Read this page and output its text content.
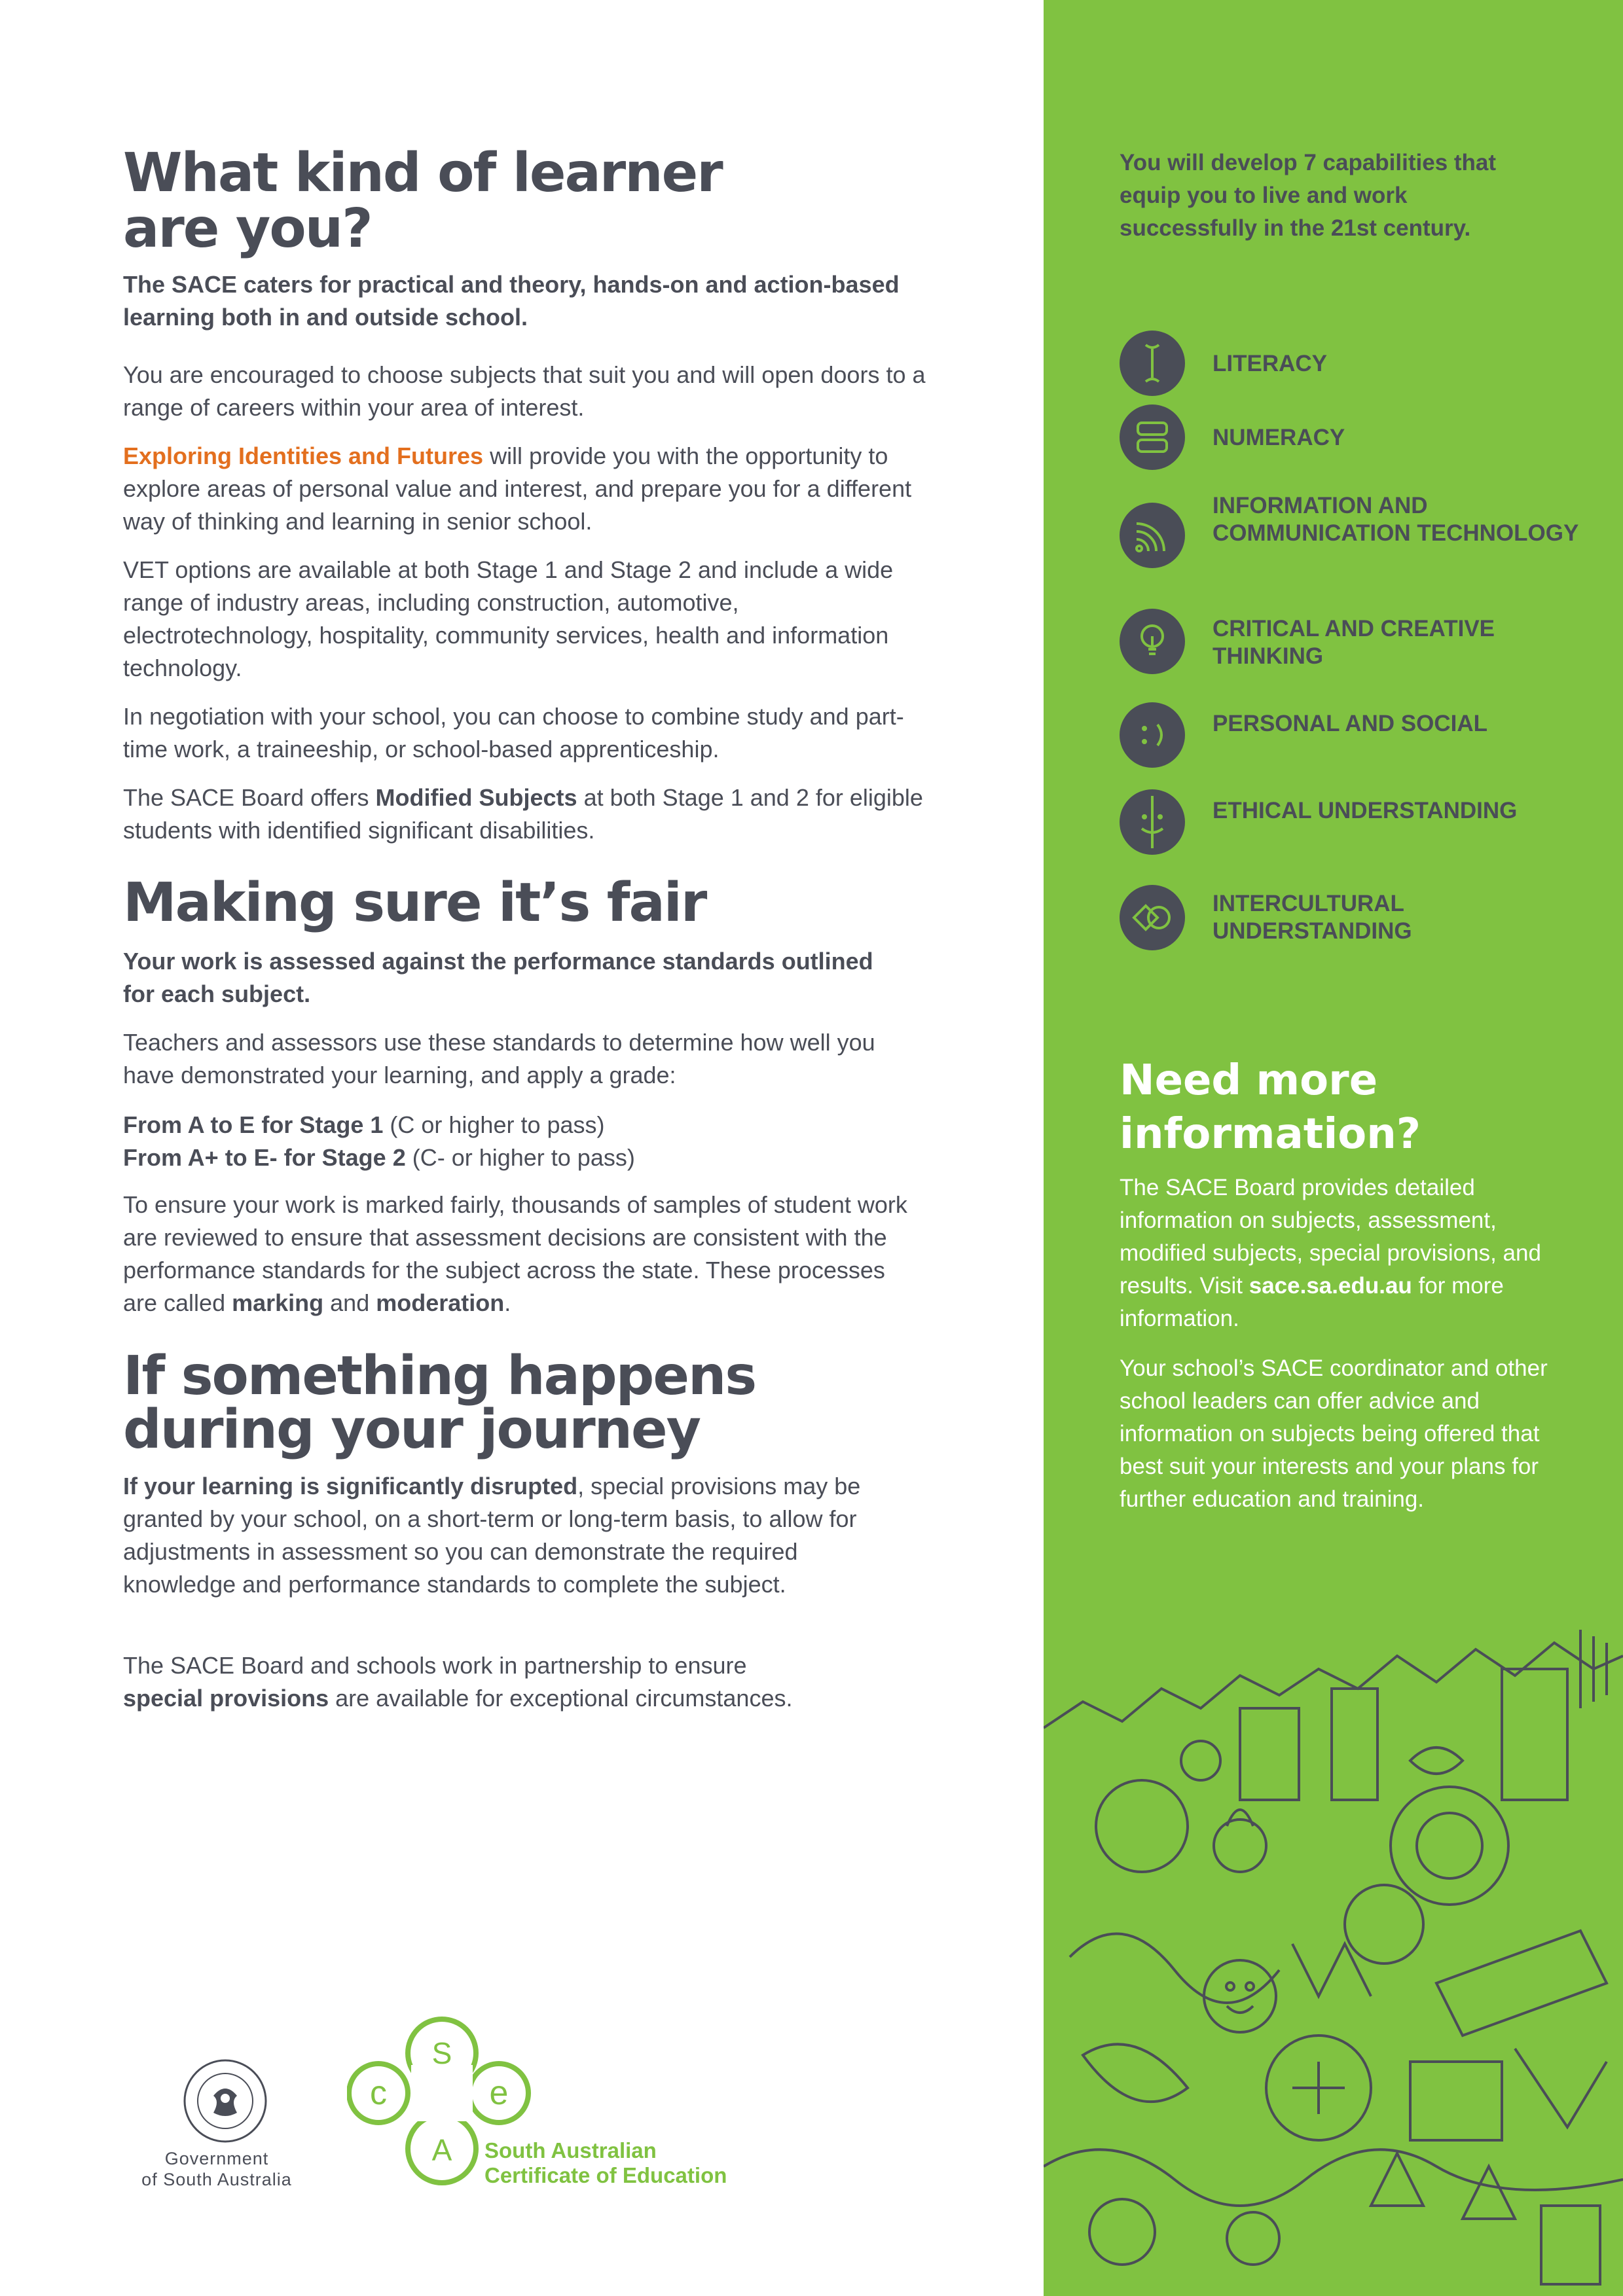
What kind of learner
are you?

The SACE caters for practical and theory, hands-on and action-based learning both in and outside school.

You are encouraged to choose subjects that suit you and will open doors to a range of careers within your area of interest.

Exploring Identities and Futures will provide you with the opportunity to explore areas of personal value and interest, and prepare you for a different way of thinking and learning in senior school.

VET options are available at both Stage 1 and Stage 2 and include a wide range of industry areas, including construction, automotive, electrotechnology, hospitality, community services, health and information technology.

In negotiation with your school, you can choose to combine study and part-time work, a traineeship, or school-based apprenticeship.

The SACE Board offers Modified Subjects at both Stage 1 and 2 for eligible students with identified significant disabilities.

Making sure it’s fair

Your work is assessed against the performance standards outlined for each subject.

Teachers and assessors use these standards to determine how well you have demonstrated your learning, and apply a grade:

From A to E for Stage 1 (C or higher to pass)

From A+ to E- for Stage 2 (C- or higher to pass)

To ensure your work is marked fairly, thousands of samples of student work are reviewed to ensure that assessment decisions are consistent with the performance standards for the subject across the state. These processes are called marking and moderation.

If something happens
during your journey

If your learning is significantly disrupted, special provisions may be granted by your school, on a short-term or long-term basis, to allow for adjustments in assessment so you can demonstrate the required knowledge and performance standards to complete the subject.

The SACE Board and schools work in partnership to ensure special provisions are available for exceptional circumstances.

Government
of South Australia
S
c	e
A South Australian
Certificate of Education
You will develop 7 capabilities that equip you to live and work successfully in the 21st century.
LITERACY
NUMERACY
INFORMATION AND COMMUNICATION TECHNOLOGY
CRITICAL AND CREATIVE THINKING
PERSONAL AND SOCIAL
ETHICAL UNDERSTANDING
INTERCULTURAL UNDERSTANDING
Need more
information?

The SACE Board provides detailed information on subjects, assessment, modified subjects, special provisions, and results. Visit sace.sa.edu.au for more information.

Your school’s SACE coordinator and other school leaders can offer advice and information on subjects being offered that best suit your interests and your plans for further education and training.
